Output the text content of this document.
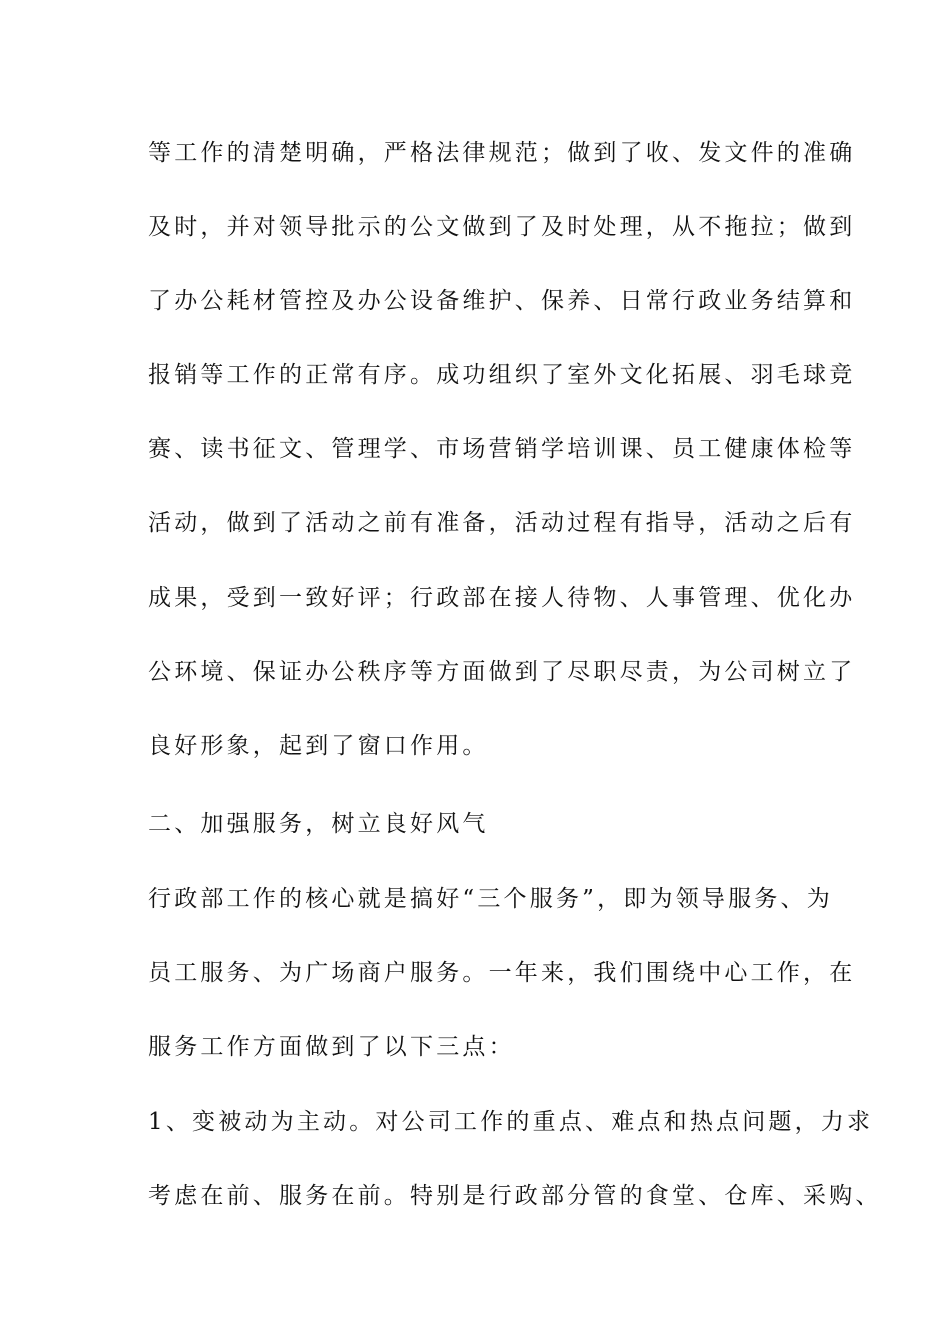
等工作的清楚明确，严格法律规范；做到了收、发文件的准确
及时，并对领导批示的公文做到了及时处理，从不拖拉；做到
了办公耗材管控及办公设备维护、保养、日常行政业务结算和
报销等工作的正常有序。成功组织了室外文化拓展、羽毛球竞
赛、读书征文、管理学、市场营销学培训课、员工健康体检等
活动，做到了活动之前有准备，活动过程有指导，活动之后有
成果，受到一致好评；行政部在接人待物、人事管理、优化办
公环境、保证办公秩序等方面做到了尽职尽责，为公司树立了
良好形象，起到了窗口作用。
二、加强服务，树立良好风气
行政部工作的核心就是搞好“三个服务”，即为领导服务、为
员工服务、为广场商户服务。一年来，我们围绕中心工作，在
服务工作方面做到了以下三点：
1、变被动为主动。对公司工作的重点、难点和热点问题，力求
考虑在前、服务在前。特别是行政部分管的食堂、仓库、采购、
